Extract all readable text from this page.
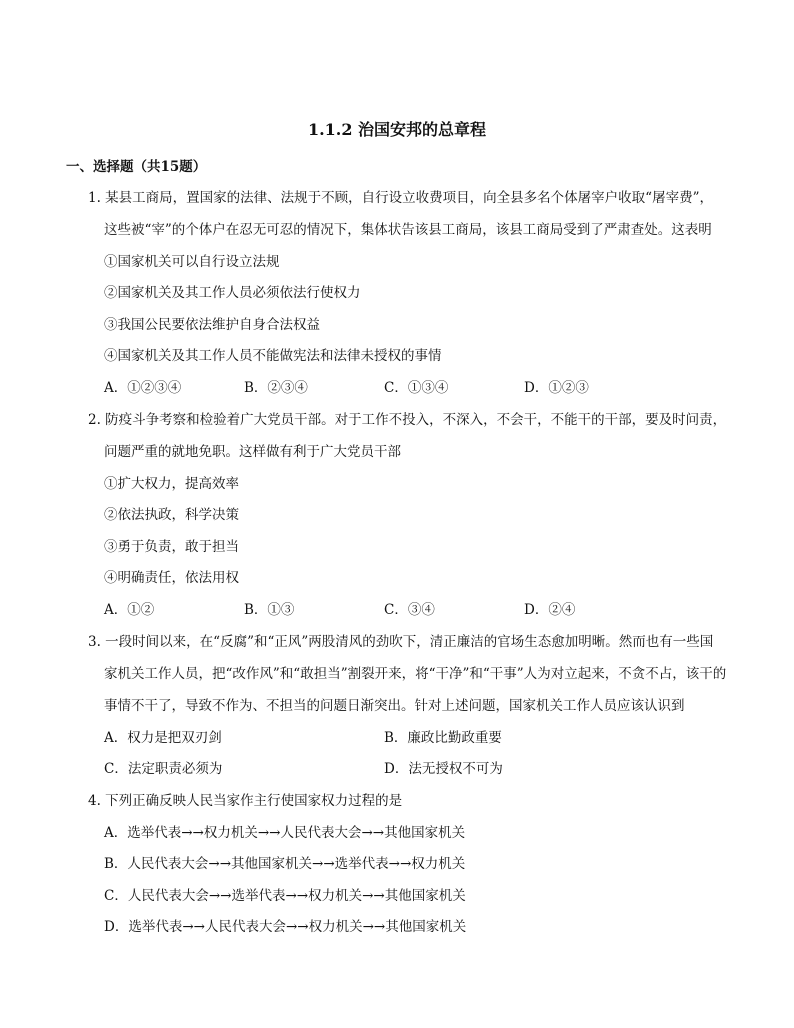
1.1.2 治国安邦的总章程
一、选择题（共15题）
1. 某县工商局，置国家的法律、法规于不顾，自行设立收费项目，向全县多名个体屠宰户收取“屠宰费”，
这些被“宰”的个体户在忍无可忍的情况下，集体状告该县工商局，该县工商局受到了严肃查处。这表明
①国家机关可以自行设立法规
②国家机关及其工作人员必须依法行使权力
③我国公民要依法维护自身合法权益
④国家机关及其工作人员不能做宪法和法律未授权的事情
A．①②③④	B．②③④	C．①③④	D．①②③
2. 防疫斗争考察和检验着广大党员干部。对于工作不投入，不深入，不会干，不能干的干部，要及时问责，
问题严重的就地免职。这样做有利于广大党员干部
①扩大权力，提高效率
②依法执政，科学决策
③勇于负责，敢于担当
④明确责任，依法用权
A．①②	B．①③	C．③④	D．②④
3. 一段时间以来，在“反腐”和“正风”两股清风的劲吹下，清正廉洁的官场生态愈加明晰。然而也有一些国
家机关工作人员，把“改作风”和“敢担当”割裂开来，将“干净”和“干事”人为对立起来，不贪不占，该干的
事情不干了，导致不作为、不担当的问题日渐突出。针对上述问题，国家机关工作人员应该认识到
A．权力是把双刃剑	B．廉政比勤政重要
C．法定职责必须为	D．法无授权不可为
4. 下列正确反映人民当家作主行使国家权力过程的是
A．选举代表→→权力机关→→人民代表大会→→其他国家机关
B．人民代表大会→→其他国家机关→→选举代表→→权力机关
C．人民代表大会→→选举代表→→权力机关→→其他国家机关
D．选举代表→→人民代表大会→→权力机关→→其他国家机关
